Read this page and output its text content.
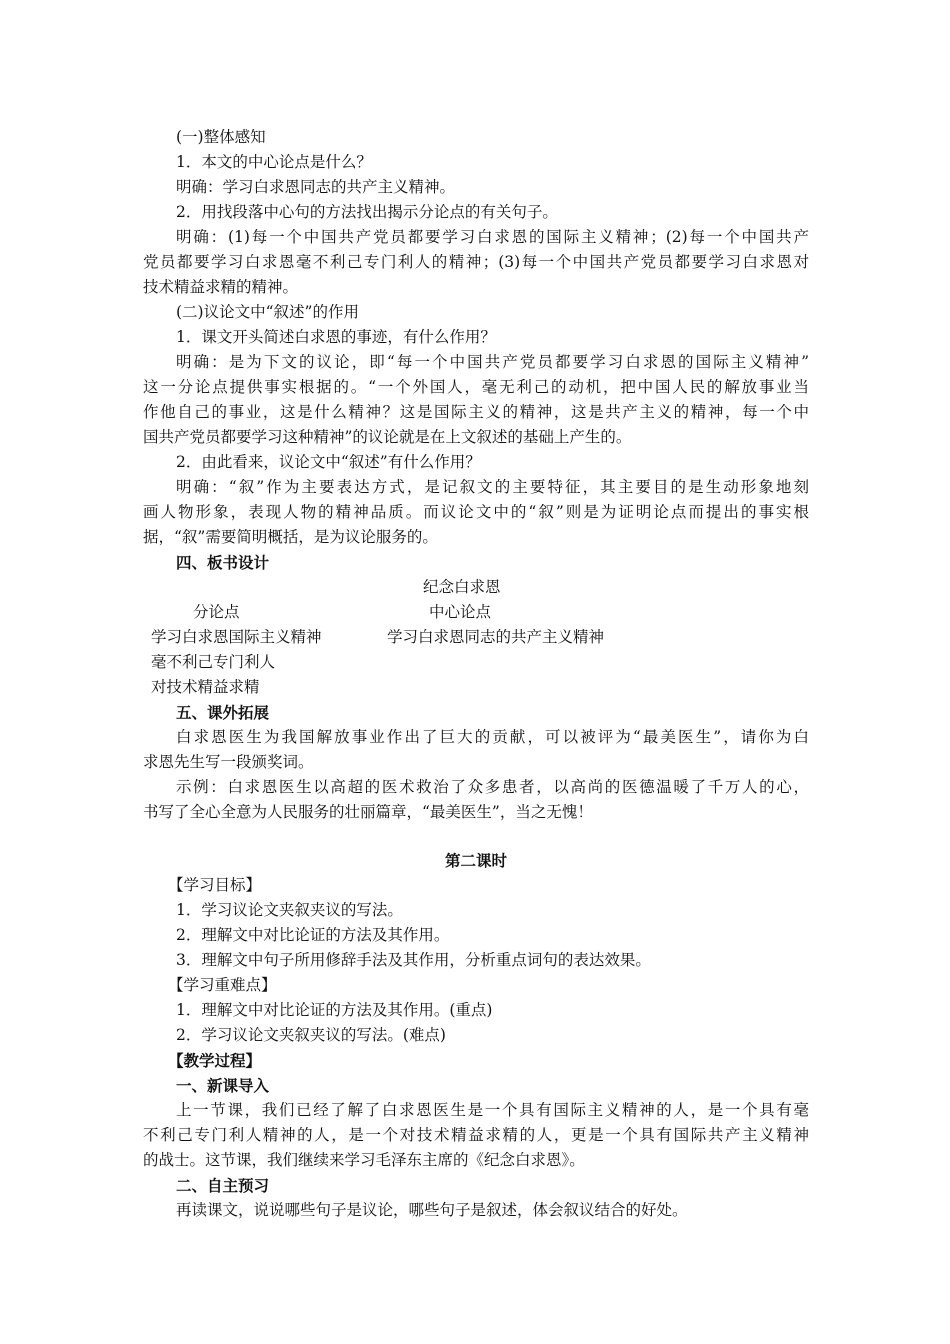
(一)整体感知

1．本文的中心论点是什么？

明确：学习白求恩同志的共产主义精神。

2．用找段落中心句的方法找出揭示分论点的有关句子。

明确：(1)每一个中国共产党员都要学习白求恩的国际主义精神；(2)每一个中国共产

党员都要学习白求恩毫不利己专门利人的精神；(3)每一个中国共产党员都要学习白求恩对

技术精益求精的精神。

(二)议论文中“叙述”的作用

1．课文开头简述白求恩的事迹，有什么作用？

明确：是为下文的议论，即“每一个中国共产党员都要学习白求恩的国际主义精神”

这一分论点提供事实根据的。“一个外国人，毫无利己的动机，把中国人民的解放事业当

作他自己的事业，这是什么精神？这是国际主义的精神，这是共产主义的精神，每一个中

国共产党员都要学习这种精神”的议论就是在上文叙述的基础上产生的。

2．由此看来，议论文中“叙述”有什么作用？

明确：“叙”作为主要表达方式，是记叙文的主要特征，其主要目的是生动形象地刻

画人物形象，表现人物的精神品质。而议论文中的“叙”则是为证明论点而提出的事实根

据，“叙”需要简明概括，是为议论服务的。

四、板书设计

纪念白求恩

分论点	中心论点

学习白求恩国际主义精神	学习白求恩同志的共产主义精神

毫不利己专门利人

对技术精益求精

五、课外拓展

白求恩医生为我国解放事业作出了巨大的贡献，可以被评为“最美医生”，请你为白

求恩先生写一段颁奖词。

示例：白求恩医生以高超的医术救治了众多患者，以高尚的医德温暖了千万人的心，

书写了全心全意为人民服务的壮丽篇章，“最美医生”，当之无愧！

第二课时

【学习目标】

1．学习议论文夹叙夹议的写法。

2．理解文中对比论证的方法及其作用。

3．理解文中句子所用修辞手法及其作用，分析重点词句的表达效果。

【学习重难点】

1．理解文中对比论证的方法及其作用。(重点)

2．学习议论文夹叙夹议的写法。(难点)

【教学过程】

一、新课导入

上一节课，我们已经了解了白求恩医生是一个具有国际主义精神的人，是一个具有毫

不利己专门利人精神的人，是一个对技术精益求精的人，更是一个具有国际共产主义精神

的战士。这节课，我们继续来学习毛泽东主席的《纪念白求恩》。

二、自主预习

再读课文，说说哪些句子是议论，哪些句子是叙述，体会叙议结合的好处。
